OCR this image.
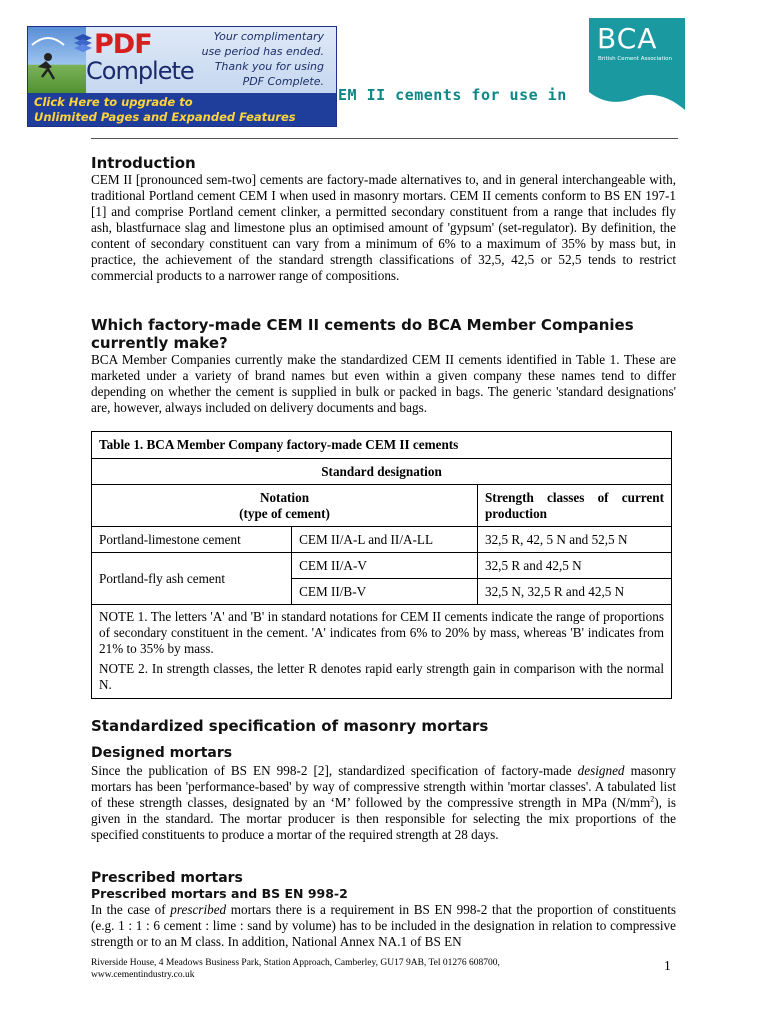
PDF
Complete
Your complimentary
use period has ended.
Thank you for using
PDF Complete.
Click Here to upgrade to
Unlimited Pages and Expanded Features
EM II cements for use in
BCA
British Cement Association
Introduction

CEM II [pronounced sem-two] cements are factory-made alternatives to, and in general interchangeable with, traditional Portland cement CEM I when used in masonry mortars. CEM II cements conform to BS EN 197-1 [1] and comprise Portland cement clinker, a permitted secondary constituent from a range that includes fly ash, blastfurnace slag and limestone plus an optimised amount of 'gypsum' (set-regulator). By definition, the content of secondary constituent can vary from a minimum of 6% to a maximum of 35% by mass but, in practice, the achievement of the standard strength classifications of 32,5, 42,5 or 52,5 tends to restrict commercial products to a narrower range of compositions.

Which factory-made CEM II cements do BCA Member Companies currently make?

BCA Member Companies currently make the standardized CEM II cements identified in Table 1. These are marketed under a variety of brand names but even within a given company these names tend to differ depending on whether the cement is supplied in bulk or packed in bags. The generic 'standard designations' are, however, always included on delivery documents and bags.

Table 1. BCA Member Company factory-made CEM II cements		
Standard designation		
Notation
(type of cement)		Strength classes of current production
Portland-limestone cement	CEM II/A-L and II/A-LL	32,5 R, 42, 5 N and 52,5 N
Portland-fly ash cement	CEM II/A-V	32,5 R and 42,5 N
	CEM II/B-V	32,5 N, 32,5 R and 42,5 N

NOTE 1. The letters 'A' and 'B' in standard notations for CEM II cements indicate the range of proportions of secondary constituent in the cement. 'A' indicates from 6% to 20% by mass, whereas 'B' indicates from 21% to 35% by mass.

NOTE 2. In strength classes, the letter R denotes rapid early strength gain in comparison with the normal N.

Standardized specification of masonry mortars
Designed mortars

Since the publication of BS EN 998-2 [2], standardized specification of factory-made designed masonry mortars has been 'performance-based' by way of compressive strength within 'mortar classes'. A tabulated list of these strength classes, designated by an ‘M’ followed by the compressive strength in MPa $(N/mm^2)$, is given in the standard. The mortar producer is then responsible for selecting the mix proportions of the specified constituents to produce a mortar of the required strength at 28 days.

Prescribed mortars
Prescribed mortars and BS EN 998-2

In the case of prescribed mortars there is a requirement in BS EN 998-2 that the proportion of constituents (e.g. 1 : 1 : 6 cement : lime : sand by volume) has to be included in the designation in relation to compressive strength or to an M class. In addition, National Annex NA.1 of BS EN

Riverside House, 4 Meadows Business Park, Station Approach, Camberley, GU17 9AB, Tel 01276 608700,
www.cementindustry.co.uk
1
